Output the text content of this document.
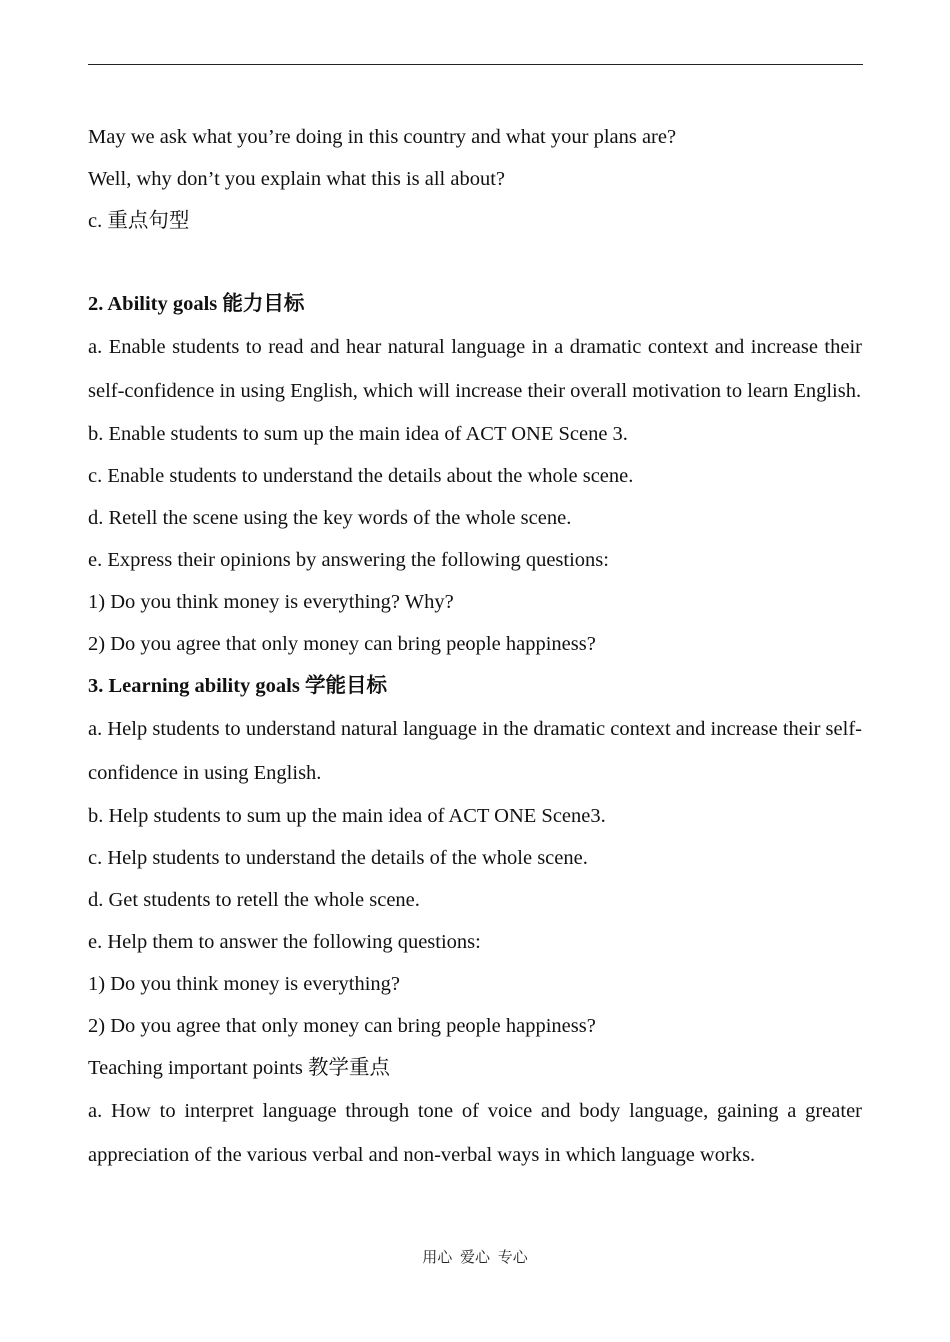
May we ask what you’re doing in this country and what your plans are?
Well, why don’t you explain what this is all about?
c. 重点句型
2. Ability goals 能力目标
a. Enable students to read and hear natural language in a dramatic context and increase their self-confidence in using English, which will increase their overall motivation to learn English.
b. Enable students to sum up the main idea of ACT ONE Scene 3.
c. Enable students to understand the details about the whole scene.
d. Retell the scene using the key words of the whole scene.
e. Express their opinions by answering the following questions:
1) Do you think money is everything? Why?
2) Do you agree that only money can bring people happiness?
3. Learning ability goals 学能目标
a. Help students to understand natural language in the dramatic context and increase their self-confidence in using English.
b. Help students to sum up the main idea of ACT ONE Scene3.
c. Help students to understand the details of the whole scene.
d. Get students to retell the whole scene.
e. Help them to answer the following questions:
1) Do you think money is everything?
2) Do you agree that only money can bring people happiness?
Teaching important points 教学重点
a. How to interpret language through tone of voice and body language, gaining a greater appreciation of the various verbal and non-verbal ways in which language works.
用心 爱心 专心
